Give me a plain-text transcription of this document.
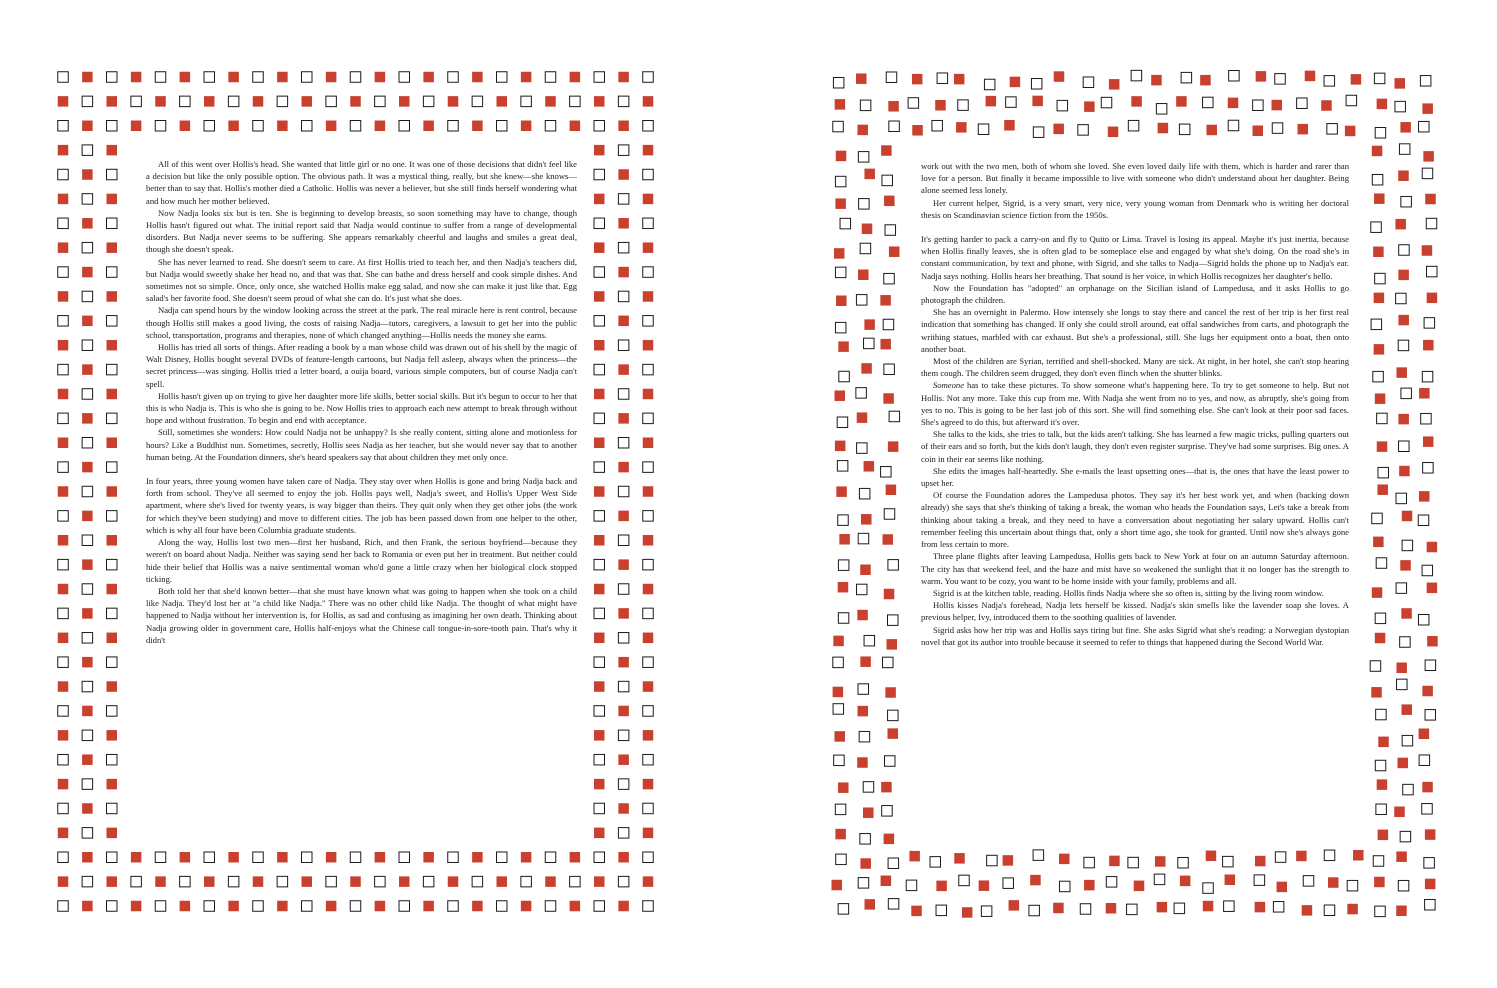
All of this went over Hollis's head. She wanted that little girl or no one. It was one of those decisions that didn't feel like a decision but like the only possible option. The obvious path. It was a mystical thing, really, but she knew—she knows—better than to say that. Hollis's mother died a Catholic. Hollis was never a believer, but she still finds herself wondering what and how much her mother believed.

Now Nadja looks six but is ten. She is beginning to develop breasts, so soon something may have to change, though Hollis hasn't figured out what. The initial report said that Nadja would continue to suffer from a range of developmental disorders. But Nadja never seems to be suffering. She appears remarkably cheerful and laughs and smiles a great deal, though she doesn't speak.

She has never learned to read. She doesn't seem to care. At first Hollis tried to teach her, and then Nadja's teachers did, but Nadja would sweetly shake her head no, and that was that. She can bathe and dress herself and cook simple dishes. And sometimes not so simple. Once, only once, she watched Hollis make egg salad, and now she can make it just like that. Egg salad's her favorite food. She doesn't seem proud of what she can do. It's just what she does.

Nadja can spend hours by the window looking across the street at the park. The real miracle here is rent control, because though Hollis still makes a good living, the costs of raising Nadja—tutors, caregivers, a lawsuit to get her into the public school, transportation, programs and therapies, none of which changed anything—Hollis needs the money she earns.

Hollis has tried all sorts of things. After reading a book by a man whose child was drawn out of his shell by the magic of Walt Disney, Hollis bought several DVDs of feature-length cartoons, but Nadja fell asleep, always when the princess—the secret princess—was singing. Hollis tried a letter board, a ouija board, various simple computers, but of course Nadja can't spell.

Hollis hasn't given up on trying to give her daughter more life skills, better social skills. But it's begun to occur to her that this is who Nadja is. This is who she is going to be. Now Hollis tries to approach each new attempt to break through without hope and without frustration. To begin and end with acceptance.

Still, sometimes she wonders: How could Nadja not be unhappy? Is she really content, sitting alone and motionless for hours? Like a Buddhist nun. Sometimes, secretly, Hollis sees Nadja as her teacher, but she would never say that to another human being. At the Foundation dinners, she's heard speakers say that about children they met only once.

In four years, three young women have taken care of Nadja. They stay over when Hollis is gone and bring Nadja back and forth from school. They've all seemed to enjoy the job. Hollis pays well, Nadja's sweet, and Hollis's Upper West Side apartment, where she's lived for twenty years, is way bigger than theirs. They quit only when they get other jobs (the work for which they've been studying) and move to different cities. The job has been passed down from one helper to the other, which is why all four have been Columbia graduate students.

Along the way, Hollis lost two men—first her husband, Rich, and then Frank, the serious boyfriend—because they weren't on board about Nadja. Neither was saying send her back to Romania or even put her in treatment. But neither could hide their belief that Hollis was a naive sentimental woman who'd gone a little crazy when her biological clock stopped ticking.

Both told her that she'd known better—that she must have known what was going to happen when she took on a child like Nadja. They'd lost her at "a child like Nadja." There was no other child like Nadja. The thought of what might have happened to Nadja without her intervention is, for Hollis, as sad and confusing as imagining her own death. Thinking about Nadja growing older in government care, Hollis half-enjoys what the Chinese call tongue-in-sore-tooth pain. That's why it didn't

work out with the two men, both of whom she loved. She even loved daily life with them, which is harder and rarer than love for a person. But finally it became impossible to live with someone who didn't understand about her daughter. Being alone seemed less lonely.

Her current helper, Sigrid, is a very smart, very nice, very young woman from Denmark who is writing her doctoral thesis on Scandinavian science fiction from the 1950s.

It's getting harder to pack a carry-on and fly to Quito or Lima. Travel is losing its appeal. Maybe it's just inertia, because when Hollis finally leaves, she is often glad to be someplace else and engaged by what she's doing. On the road she's in constant communication, by text and phone, with Sigrid, and she talks to Nadja—Sigrid holds the phone up to Nadja's ear. Nadja says nothing. Hollis hears her breathing. That sound is her voice, in which Hollis recognizes her daughter's hello.

Now the Foundation has "adopted" an orphanage on the Sicilian island of Lampedusa, and it asks Hollis to go photograph the children.

She has an overnight in Palermo. How intensely she longs to stay there and cancel the rest of her trip is her first real indication that something has changed. If only she could stroll around, eat offal sandwiches from carts, and photograph the writhing statues, marbled with car exhaust. But she's a professional, still. She lugs her equipment onto a boat, then onto another boat.

Most of the children are Syrian, terrified and shell-shocked. Many are sick. At night, in her hotel, she can't stop hearing them cough. The children seem drugged, they don't even flinch when the shutter blinks.

Someone has to take these pictures. To show someone what's happening here. To try to get someone to help. But not Hollis. Not any more. Take this cup from me. With Nadja she went from no to yes, and now, as abruptly, she's going from yes to no. This is going to be her last job of this sort. She will find something else. She can't look at their poor sad faces. She's agreed to do this, but afterward it's over.

She talks to the kids, she tries to talk, but the kids aren't talking. She has learned a few magic tricks, pulling quarters out of their ears and so forth, but the kids don't laugh, they don't even register surprise. They've had some surprises. Big ones. A coin in their ear seems like nothing.

She edits the images half-heartedly. She e-mails the least upsetting ones—that is, the ones that have the least power to upset her.

Of course the Foundation adores the Lampedusa photos. They say it's her best work yet, and when (backing down already) she says that she's thinking of taking a break, the woman who heads the Foundation says, Let's take a break from thinking about taking a break, and they need to have a conversation about negotiating her salary upward. Hollis can't remember feeling this uncertain about things that, only a short time ago, she took for granted. Until now she's always gone from less certain to more.

Three plane flights after leaving Lampedusa, Hollis gets back to New York at four on an autumn Saturday afternoon. The city has that weekend feel, and the haze and mist have so weakened the sunlight that it no longer has the strength to warm. You want to be cozy, you want to be home inside with your family, problems and all.

Sigrid is at the kitchen table, reading. Hollis finds Nadja where she so often is, sitting by the living room window.

Hollis kisses Nadja's forehead, Nadja lets herself be kissed. Nadja's skin smells like the lavender soap she loves. A previous helper, Ivy, introduced them to the soothing qualities of lavender.

Sigrid asks how her trip was and Hollis says tiring but fine. She asks Sigrid what she's reading: a Norwegian dystopian novel that got its author into trouble because it seemed to refer to things that happened during the Second World War.
